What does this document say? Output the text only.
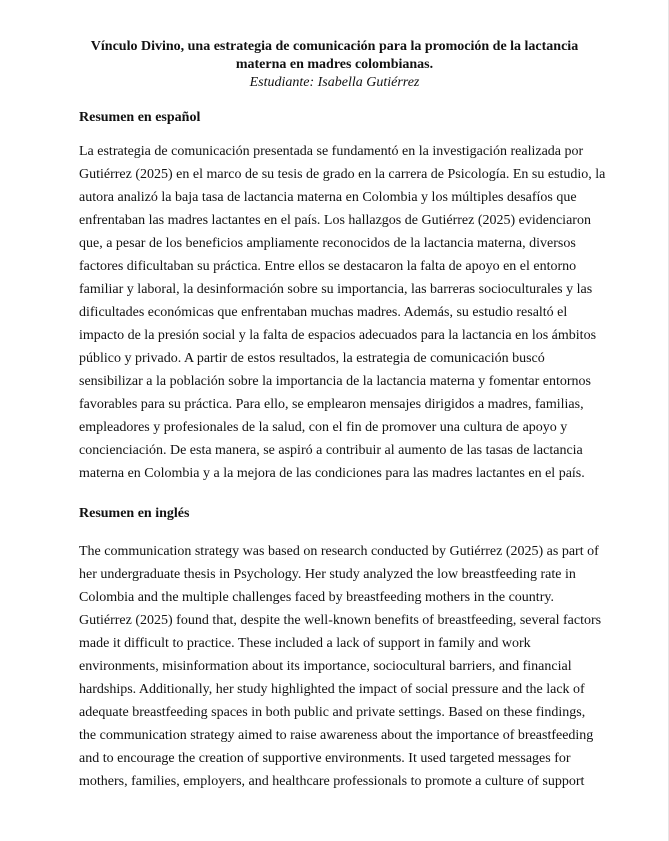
Vínculo Divino, una estrategia de comunicación para la promoción de la lactancia
materna en madres colombianas.
Estudiante: Isabella Gutiérrez
Resumen en español

La estrategia de comunicación presentada se fundamentó en la investigación realizada por
Gutiérrez (2025) en el marco de su tesis de grado en la carrera de Psicología. En su estudio, la
autora analizó la baja tasa de lactancia materna en Colombia y los múltiples desafíos que
enfrentaban las madres lactantes en el país. Los hallazgos de Gutiérrez (2025) evidenciaron
que, a pesar de los beneficios ampliamente reconocidos de la lactancia materna, diversos
factores dificultaban su práctica. Entre ellos se destacaron la falta de apoyo en el entorno
familiar y laboral, la desinformación sobre su importancia, las barreras socioculturales y las
dificultades económicas que enfrentaban muchas madres. Además, su estudio resaltó el
impacto de la presión social y la falta de espacios adecuados para la lactancia en los ámbitos
público y privado. A partir de estos resultados, la estrategia de comunicación buscó
sensibilizar a la población sobre la importancia de la lactancia materna y fomentar entornos
favorables para su práctica. Para ello, se emplearon mensajes dirigidos a madres, familias,
empleadores y profesionales de la salud, con el fin de promover una cultura de apoyo y
concienciación. De esta manera, se aspiró a contribuir al aumento de las tasas de lactancia
materna en Colombia y a la mejora de las condiciones para las madres lactantes en el país.

Resumen en inglés

The communication strategy was based on research conducted by Gutiérrez (2025) as part of
her undergraduate thesis in Psychology. Her study analyzed the low breastfeeding rate in
Colombia and the multiple challenges faced by breastfeeding mothers in the country.
Gutiérrez (2025) found that, despite the well-known benefits of breastfeeding, several factors
made it difficult to practice. These included a lack of support in family and work
environments, misinformation about its importance, sociocultural barriers, and financial
hardships. Additionally, her study highlighted the impact of social pressure and the lack of
adequate breastfeeding spaces in both public and private settings. Based on these findings,
the communication strategy aimed to raise awareness about the importance of breastfeeding
and to encourage the creation of supportive environments. It used targeted messages for
mothers, families, employers, and healthcare professionals to promote a culture of support
